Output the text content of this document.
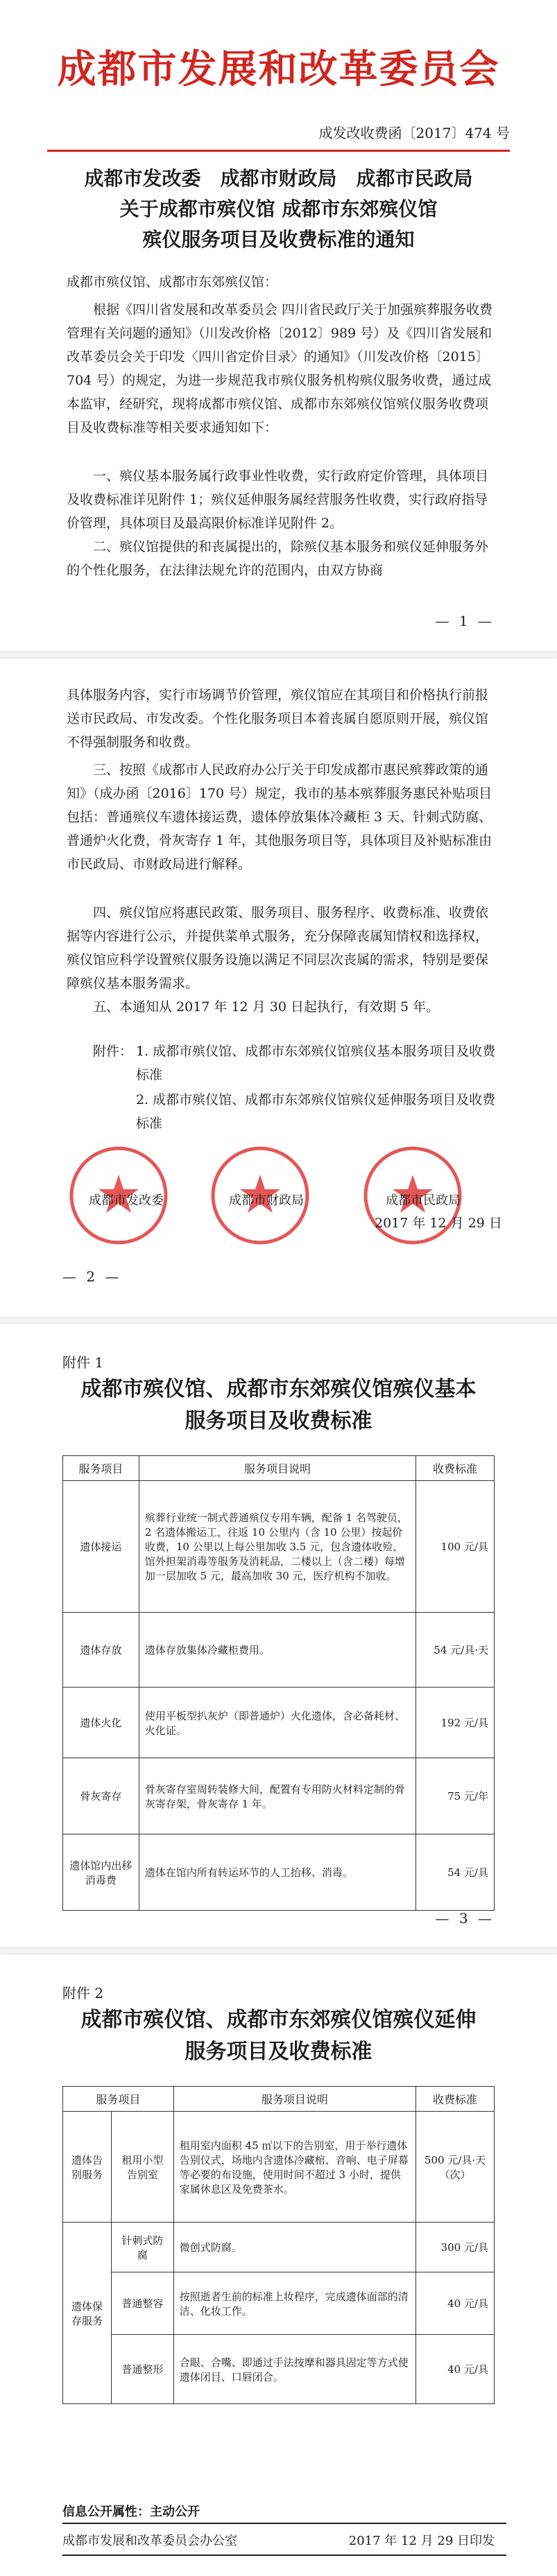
成都市发展和改革委员会
成发改收费函〔2017〕474 号
成都市发改委　成都市财政局　成都市民政局
关于成都市殡仪馆 成都市东郊殡仪馆
殡仪服务项目及收费标准的通知
成都市殡仪馆、成都市东郊殡仪馆：
根据《四川省发展和改革委员会 四川省民政厅关于加强殡葬服务收费管理有关问题的通知》（川发改价格〔2012〕989 号）及《四川省发展和改革委员会关于印发〈四川省定价目录〉的通知》（川发改价格〔2015〕704 号）的规定，为进一步规范我市殡仪服务机构殡仪服务收费，通过成本监审，经研究，现将成都市殡仪馆、成都市东郊殡仪馆殡仪服务收费项目及收费标准等相关要求通知如下：
一、殡仪基本服务属行政事业性收费，实行政府定价管理，具体项目及收费标准详见附件 1；殡仪延伸服务属经营服务性收费，实行政府指导价管理，具体项目及最高限价标准详见附件 2。
二、殡仪馆提供的和丧属提出的，除殡仪基本服务和殡仪延伸服务外的个性化服务，在法律法规允许的范围内，由双方协商
— 1 —
具体服务内容，实行市场调节价管理，殡仪馆应在其项目和价格执行前报送市民政局、市发改委。个性化服务项目本着丧属自愿原则开展，殡仪馆不得强制服务和收费。
三、按照《成都市人民政府办公厅关于印发成都市惠民殡葬政策的通知》（成办函〔2016〕170 号）规定，我市的基本殡葬服务惠民补贴项目包括：普通殡仪车遗体接运费，遗体停放集体冷藏柜 3 天、针刺式防腐、普通炉火化费，骨灰寄存 1 年，其他服务项目等，具体项目及补贴标准由市民政局、市财政局进行解释。
四、殡仪馆应将惠民政策、服务项目、服务程序、收费标准、收费依据等内容进行公示，并提供菜单式服务，充分保障丧属知情权和选择权，殡仪馆应科学设置殡仪服务设施以满足不同层次丧属的需求，特别是要保障殡仪基本服务需求。
五、本通知从 2017 年 12 月 30 日起执行，有效期 5 年。
附件： 1. 成都市殡仪馆、成都市东郊殡仪馆殡仪基本服务项目及收费标准
2. 成都市殡仪馆、成都市东郊殡仪馆殡仪延伸服务项目及收费标准
成都市发改委	成都市财政局	成都市民政局
2017 年 12 月 29 日
— 2 —
附件 1
成都市殡仪馆、成都市东郊殡仪馆殡仪基本
服务项目及收费标准
服务项目	服务项目说明	收费标准
遗体接运	殡葬行业统一制式普通殡仪专用车辆，配备 1 名驾驶员，2 名遗体搬运工，往返 10 公里内（含 10 公里）按起价收费，10 公里以上每公里加收 3.5 元，包含遗体收殓、馆外担架消毒等服务及消耗品，二楼以上（含二楼）每增加一层加收 5 元，最高加收 30 元，医疗机构不加收。	100 元/具
遗体存放	遗体存放集体冷藏柜费用。	54 元/具·天
遗体火化	使用平板型扒灰炉（即普通炉）火化遗体，含必备耗材、火化证。	192 元/具
骨灰寄存	骨灰寄存室周转装修大间，配置有专用防火材料定制的骨灰寄存架，骨灰寄存 1 年。	75 元/年
遗体馆内出移消毒费	遗体在馆内所有转运环节的人工抬移、消毒。	54 元/具
— 3 —
附件 2
成都市殡仪馆、成都市东郊殡仪馆殡仪延伸
服务项目及收费标准
服务项目		服务项目说明	收费标准
遗体告别服务	租用小型告别室	租用室内面积 45 ㎡以下的告别室，用于举行遗体告别仪式，场地内含遗体冷藏棺、音响、电子屏幕等必要的布设施，使用时间不超过 3 小时，提供家属休息区及免费茶水。	500 元/具·天（次）
遗体保存服务	针刺式防腐	微创式防腐。	300 元/具
	普通整容	按照逝者生前的标准上妆程序，完成遗体面部的清洁、化妆工作。	40 元/具
	普通整形	合眼、合嘴、即通过手法按摩和器具固定等方式使遗体闭目、口唇闭合。	40 元/具
信息公开属性：主动公开
成都市发展和改革委员会办公室	2017 年 12 月 29 日印发
